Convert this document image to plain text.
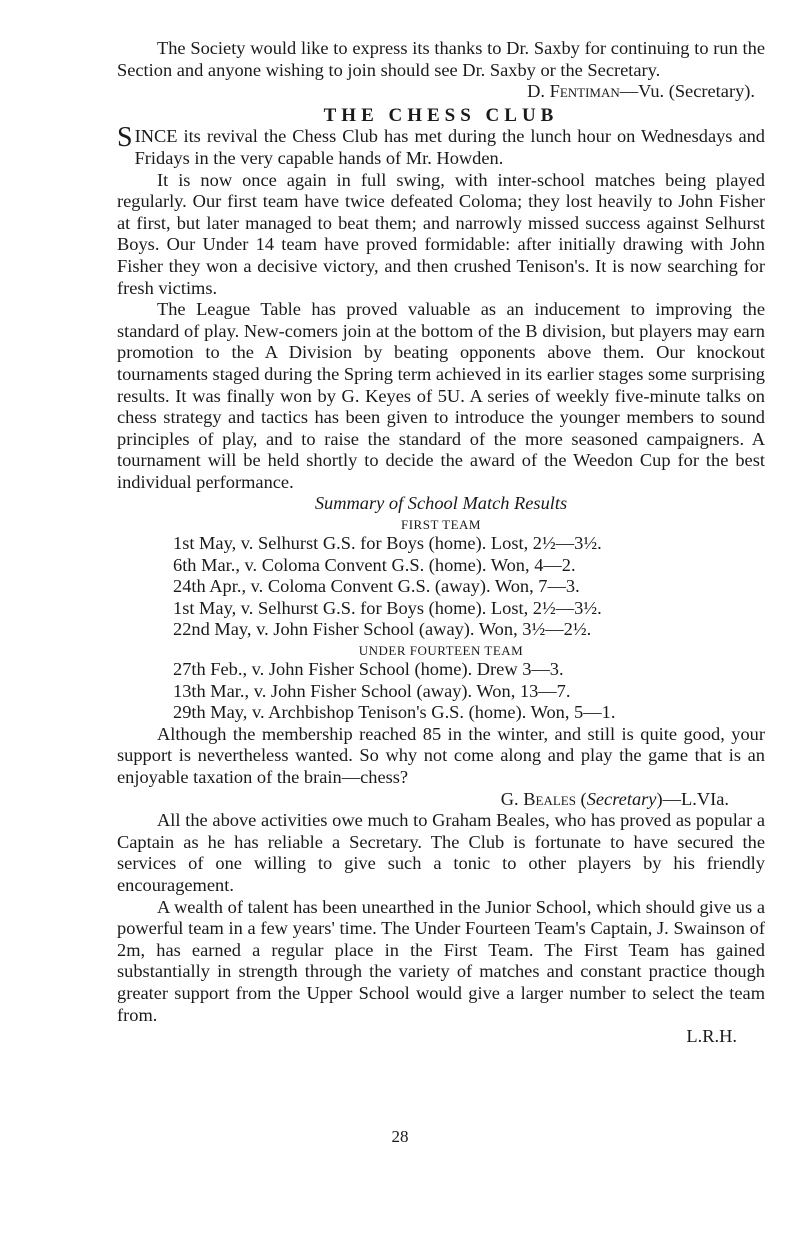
The Society would like to express its thanks to Dr. Saxby for continuing to run the Section and anyone wishing to join should see Dr. Saxby or the Secretary.

D. Fentiman—Vu. (Secretary).

THE CHESS CLUB

SINCE its revival the Chess Club has met during the lunch hour on Wednesdays and Fridays in the very capable hands of Mr. Howden.

It is now once again in full swing, with inter-school matches being played regularly. Our first team have twice defeated Coloma; they lost heavily to John Fisher at first, but later managed to beat them; and narrowly missed success against Selhurst Boys. Our Under 14 team have proved formidable: after initially drawing with John Fisher they won a decisive victory, and then crushed Tenison's. It is now searching for fresh victims.

The League Table has proved valuable as an inducement to improving the standard of play. New-comers join at the bottom of the B division, but players may earn promotion to the A Division by beating opponents above them. Our knockout tournaments staged during the Spring term achieved in its earlier stages some surprising results. It was finally won by G. Keyes of 5U. A series of weekly five-minute talks on chess strategy and tactics has been given to introduce the younger members to sound principles of play, and to raise the standard of the more seasoned campaigners. A tournament will be held shortly to decide the award of the Weedon Cup for the best individual performance.

Summary of School Match Results

FIRST TEAM

1st May, v. Selhurst G.S. for Boys (home). Lost, 2½—3½.

6th Mar., v. Coloma Convent G.S. (home). Won, 4—2.

24th Apr., v. Coloma Convent G.S. (away). Won, 7—3.

1st May, v. Selhurst G.S. for Boys (home). Lost, 2½—3½.

22nd May, v. John Fisher School (away). Won, 3½—2½.

UNDER FOURTEEN TEAM

27th Feb., v. John Fisher School (home). Drew 3—3.

13th Mar., v. John Fisher School (away). Won, 13—7.

29th May, v. Archbishop Tenison's G.S. (home). Won, 5—1.

Although the membership reached 85 in the winter, and still is quite good, your support is nevertheless wanted. So why not come along and play the game that is an enjoyable taxation of the brain—chess?

G. Beales (Secretary)—L.VIa.

All the above activities owe much to Graham Beales, who has proved as popular a Captain as he has reliable a Secretary. The Club is fortunate to have secured the services of one willing to give such a tonic to other players by his friendly encouragement.

A wealth of talent has been unearthed in the Junior School, which should give us a powerful team in a few years' time. The Under Fourteen Team's Captain, J. Swainson of 2m, has earned a regular place in the First Team. The First Team has gained substantially in strength through the variety of matches and constant practice though greater support from the Upper School would give a larger number to select the team from.

L.R.H.

28
